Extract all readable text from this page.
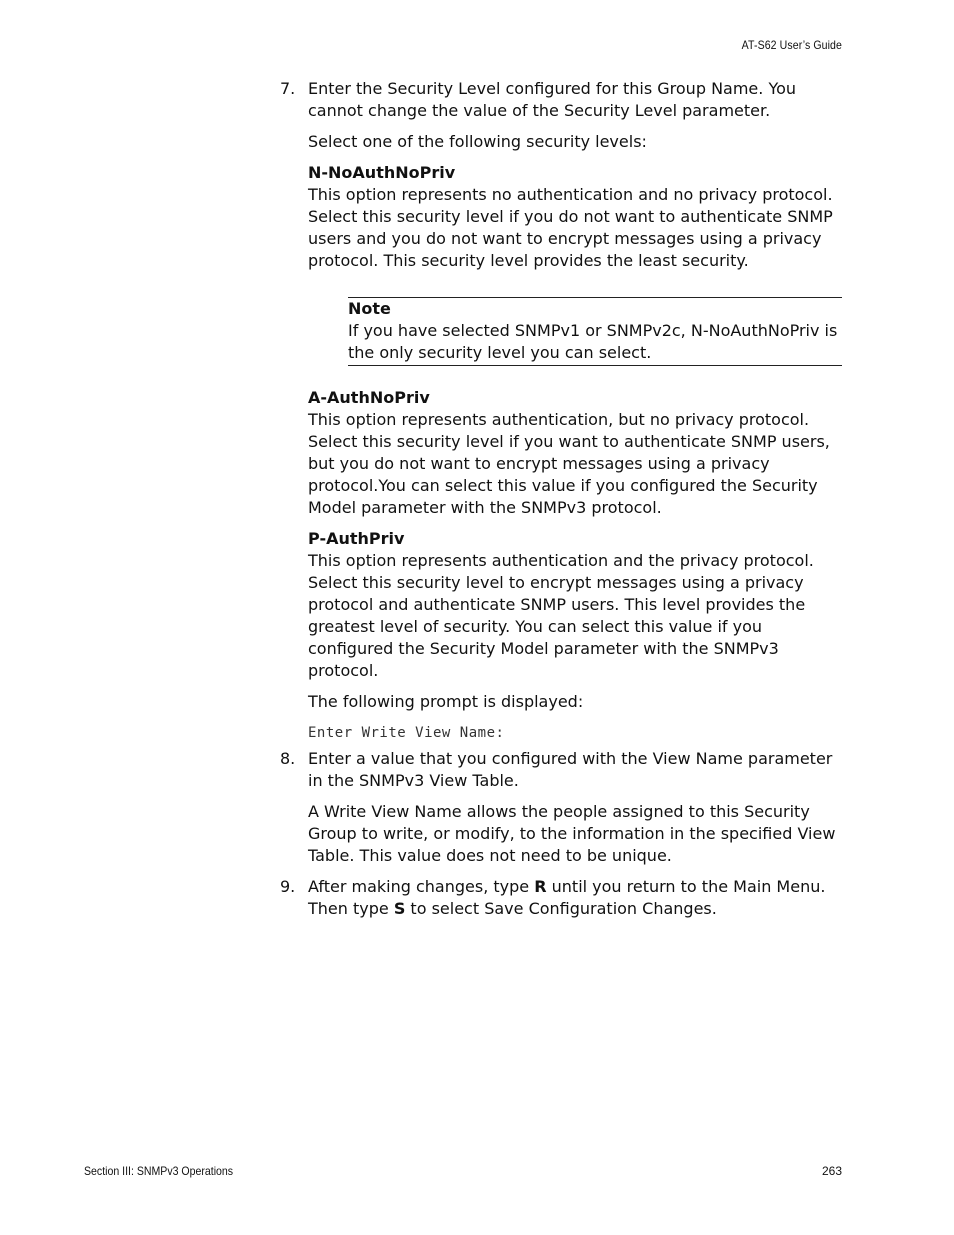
AT-S62 User’s Guide
7. Enter the Security Level configured for this Group Name. You cannot change the value of the Security Level parameter.

Select one of the following security levels:

N-NoAuthNoPriv

This option represents no authentication and no privacy protocol. Select this security level if you do not want to authenticate SNMP users and you do not want to encrypt messages using a privacy protocol. This security level provides the least security.

Note

If you have selected SNMPv1 or SNMPv2c, N-NoAuthNoPriv is the only security level you can select.

A-AuthNoPriv

This option represents authentication, but no privacy protocol. Select this security level if you want to authenticate SNMP users, but you do not want to encrypt messages using a privacy protocol.You can select this value if you configured the Security Model parameter with the SNMPv3 protocol.

P-AuthPriv

This option represents authentication and the privacy protocol. Select this security level to encrypt messages using a privacy protocol and authenticate SNMP users. This level provides the greatest level of security. You can select this value if you configured the Security Model parameter with the SNMPv3 protocol.

The following prompt is displayed:

Enter Write View Name:
8. Enter a value that you configured with the View Name parameter in the SNMPv3 View Table.

A Write View Name allows the people assigned to this Security Group to write, or modify, to the information in the specified View Table. This value does not need to be unique.

9. After making changes, type R until you return to the Main Menu. Then type S to select Save Configuration Changes.

Section III: SNMPv3 Operations	263
